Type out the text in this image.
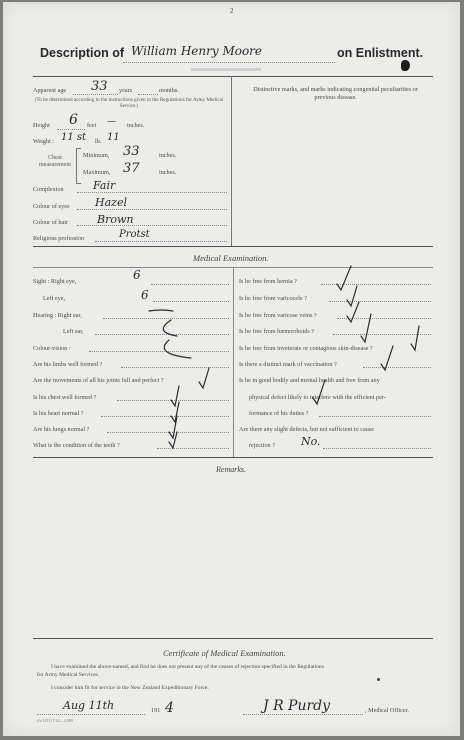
2
Description of William Henry Moore	on Enlistment.
Apparent age 33 years	months.
(To be determined according to the instructions given in the Regulations for Army Medical Service.)
Distinctive marks, and marks indicating congenital peculiarities or previous disease.
Height 6 feet — inches.
Weight : 11 st lb. 11
Chest measurement
Minimum, 33	inches.
Maximum, 37	inches.
Complexion	Fair
Colour of eyes Hazel
Colour of hair	Brown
Religious profession	Protst
Medical Examination.
Sight : Right eye,	6
Left eye,	6
Hearing : Right ear,
Left ear,
Colour-vision :
Are his limbs well formed ?
Are the movements of all his joints full and perfect ?
Is his chest well formed ?
Is his heart normal ?
Are his lungs normal ?
What is the condition of the teeth ?
Is he free from hernia ?
Is he free from varicocele ?
Is he free from varicose veins ?
Is he free from hæmorrhoids ?
Is he free from inveterate or contagious skin-disease ?
Is there a distinct mark of vaccination ?
Is he in good bodily and mental health and free from any
physical defect likely to interfere with the efficient per-
formance of his duties ?
Are there any slight defects, but not sufficient to cause
rejection ? No.
Remarks.
Certificate of Medical Examination.
I have examined the above-named, and find he does not present any of the causes of rejection specified in the Regulations
for Army Medical Services.
I consider him fit for service in the New Zealand Expeditionary Force.
Aug 11th	191 4	J R Purdy	, Medical Officer.
(A.5151) 7/14—2,000
